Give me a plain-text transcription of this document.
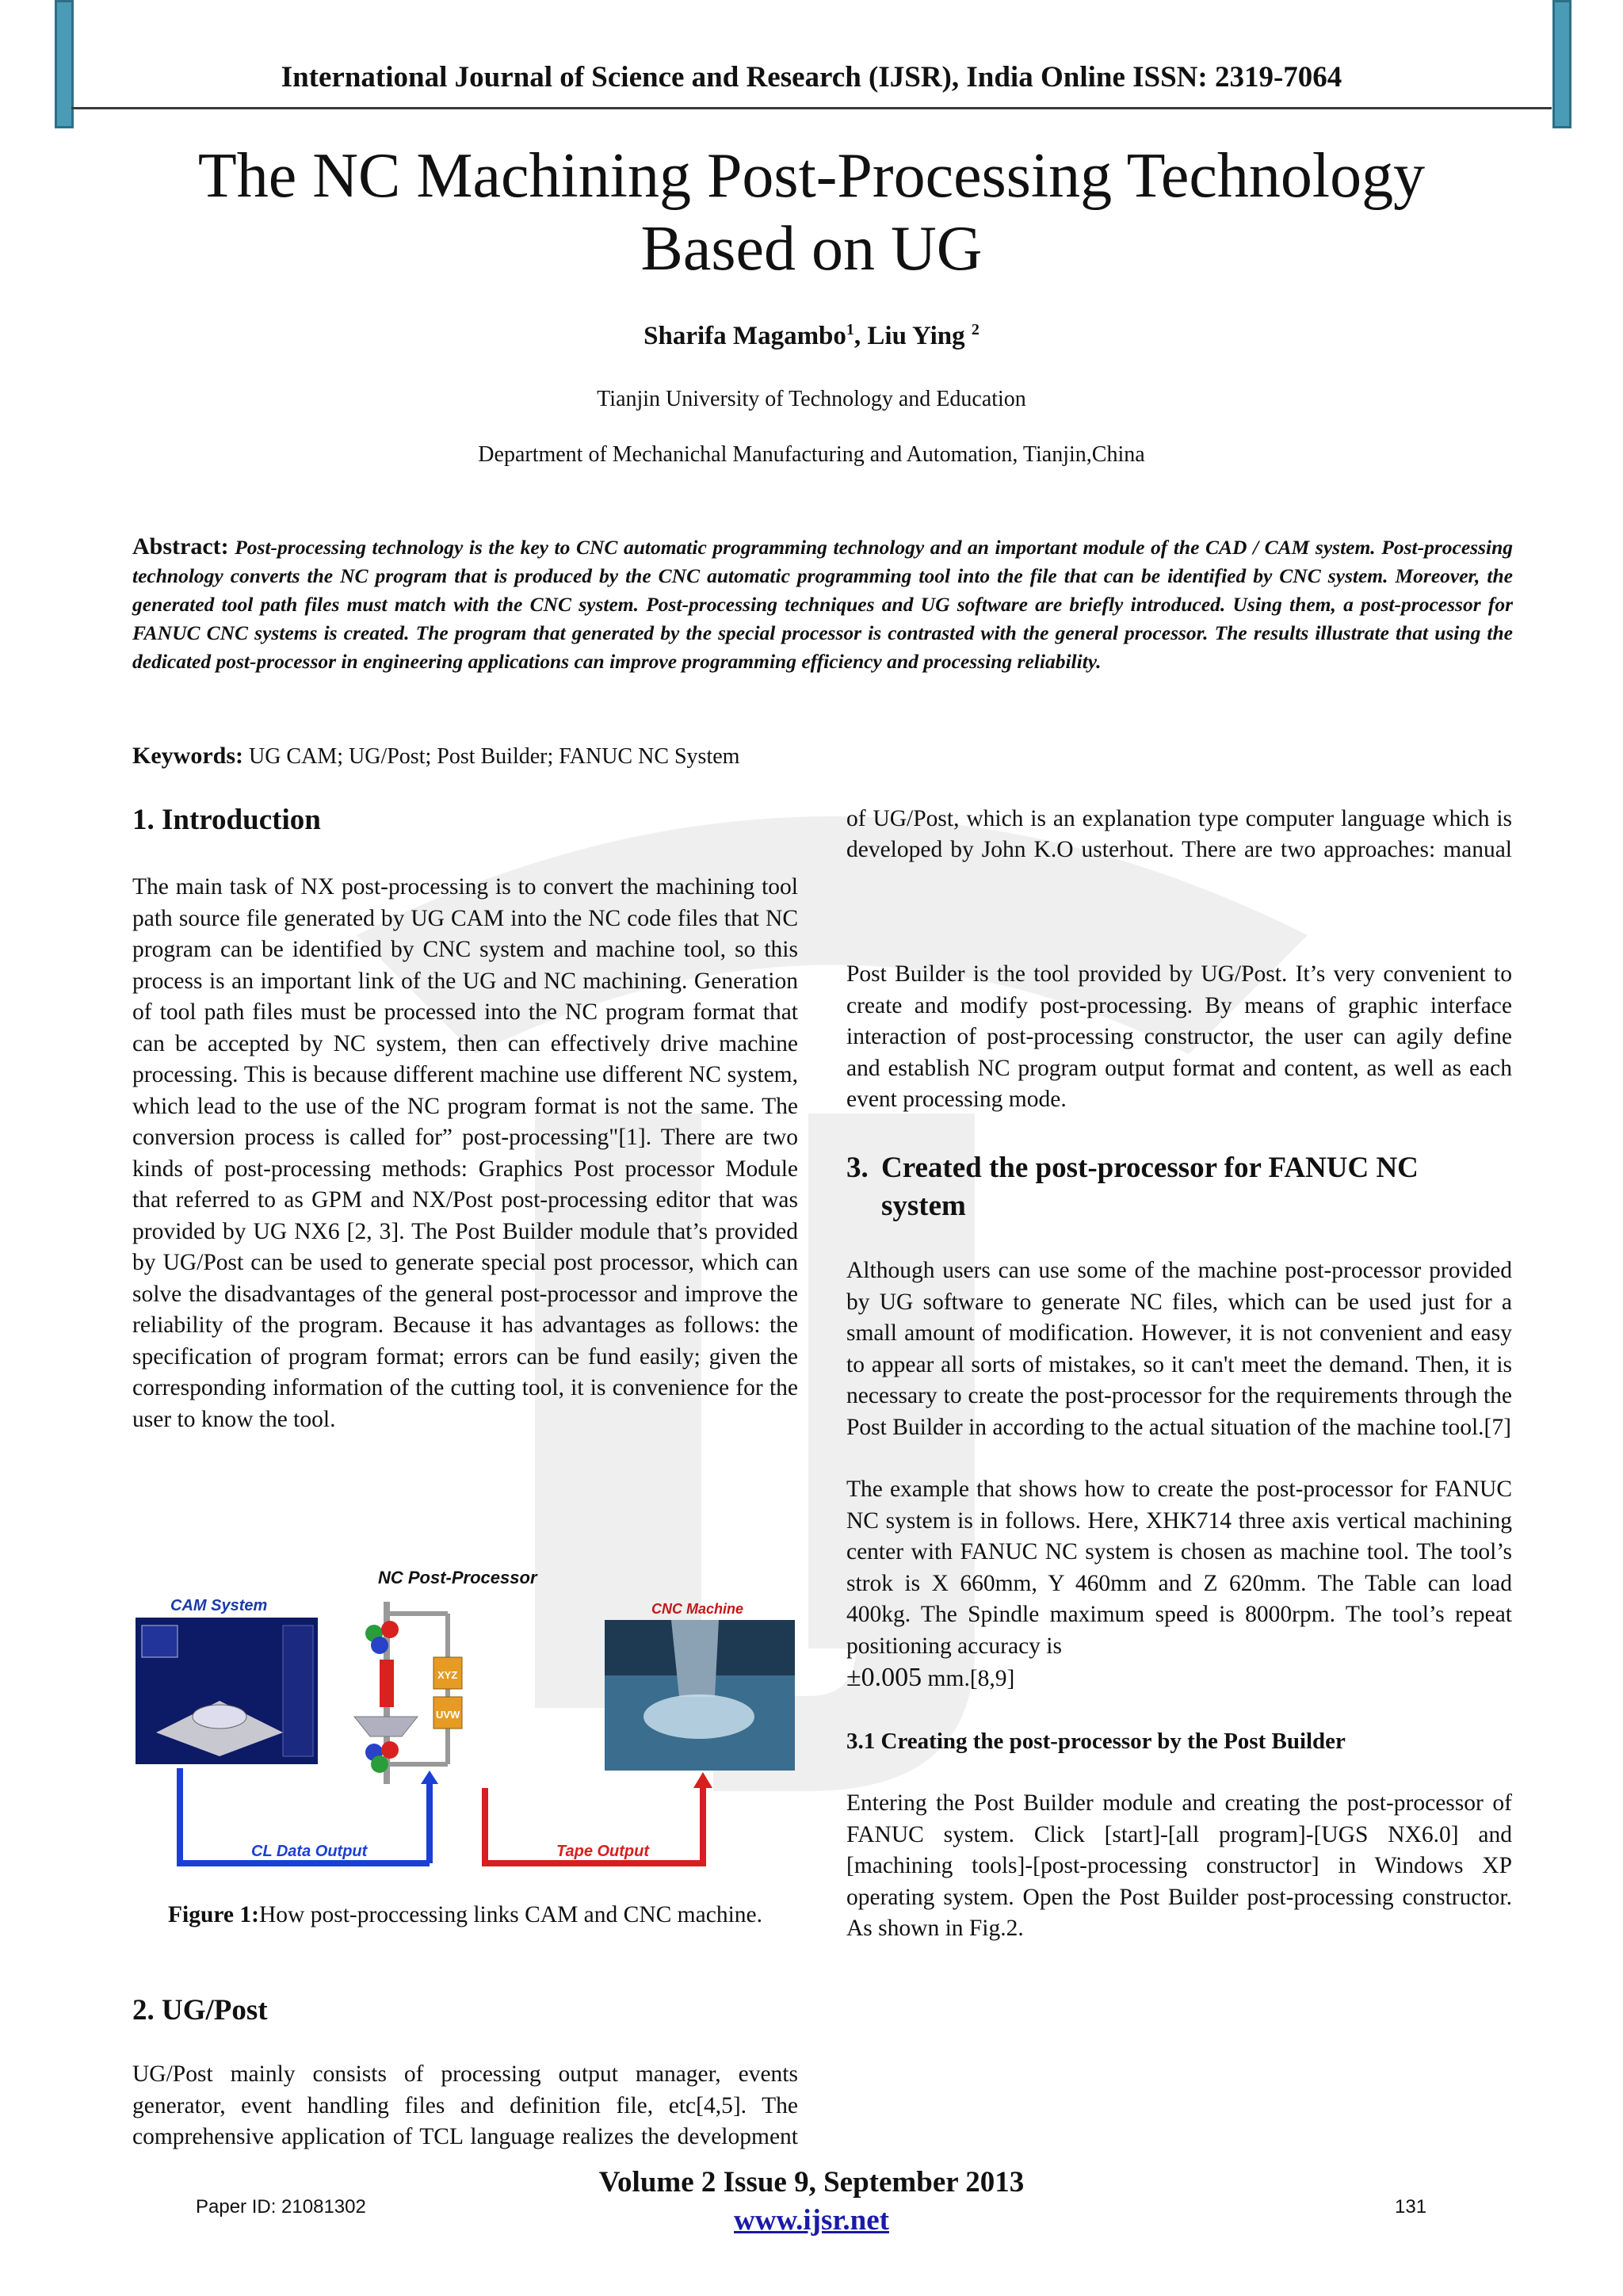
International Journal of Science and Research (IJSR), India Online ISSN: 2319-7064
The NC Machining Post-Processing Technology
Based on UG
Sharifa Magambo$^1$, Liu Ying $^2$
Tianjin University of Technology and Education
Department of Mechanichal Manufacturing and Automation, Tianjin,China
Abstract: Post-processing technology is the key to CNC automatic programming technology and an important module of the CAD / CAM system. Post-processing technology converts the NC program that is produced by the CNC automatic programming tool into the file that can be identified by CNC system. Moreover, the generated tool path files must match with the CNC system. Post-processing techniques and UG software are briefly introduced. Using them, a post-processor for FANUC CNC systems is created. The program that generated by the special processor is contrasted with the general processor. The results illustrate that using the dedicated post-processor in engineering applications can improve programming efficiency and processing reliability.
Keywords: UG CAM; UG/Post; Post Builder; FANUC NC System
1. Introduction

The main task of NX post-processing is to convert the machining tool path source file generated by UG CAM into the NC code files that NC program can be identified by CNC system and machine tool, so this process is an important link of the UG and NC machining. Generation of tool path files must be processed into the NC program format that can be accepted by NC system, then can effectively drive machine processing. This is because different machine use different NC system, which lead to the use of the NC program format is not the same. The conversion process is called for” post-processing"[1]. There are two kinds of post-processing methods: Graphics Post processor Module that referred to as GPM and NX/Post post-processing editor that was provided by UG NX6 [2, 3]. The Post Builder module that’s provided by UG/Post can be used to generate special post processor, which can solve the disadvantages of the general post-processor and improve the reliability of the program. Because it has advantages as follows: the specification of program format; errors can be fund easily; given the corresponding information of the cutting tool, it is convenience for the user to know the tool.

NC Post-Processor
CAM System	CNC Machine
XYZ
UVW
CL Data Output	Tape Output
Figure 1:How post-proccessing links CAM and CNC machine.
2. UG/Post

UG/Post mainly consists of processing output manager, events generator, event handling files and definition file, etc[4,5]. The comprehensive application of TCL language realizes the development

of UG/Post, which is an explanation type computer language which is developed by John K.O usterhout. There are two approaches: manual

Post Builder is the tool provided by UG/Post. It’s very convenient to create and modify post-processing. By means of graphic interface interaction of post-processing constructor, the user can agily define and establish NC program output format and content, as well as each event processing mode.

3. Created the post-processor for FANUC NC
system

Although users can use some of the machine post-processor provided by UG software to generate NC files, which can be used just for a small amount of modification. However, it is not convenient and easy to appear all sorts of mistakes, so it can't meet the demand. Then, it is necessary to create the post-processor for the requirements through the Post Builder in according to the actual situation of the machine tool.[7]

The example that shows how to create the post-processor for FANUC NC system is in follows. Here, XHK714 three axis vertical machining center with FANUC NC system is chosen as machine tool. The tool’s strok is X 660mm, Y 460mm and Z 620mm. The Table can load 400kg. The Spindle maximum speed is 8000rpm. The tool’s repeat positioning accuracy is
±0.005 mm.[8,9]

3.1 Creating the post-processor by the Post Builder

Entering the Post Builder module and creating the post-processor of FANUC system. Click [start]-[all program]-[UGS NX6.0] and [machining tools]-[post-processing constructor] in Windows XP operating system. Open the Post Builder post-processing constructor. As shown in Fig.2.

Volume 2 Issue 9, September 2013
www.ijsr.net
Paper ID: 21081302	131
